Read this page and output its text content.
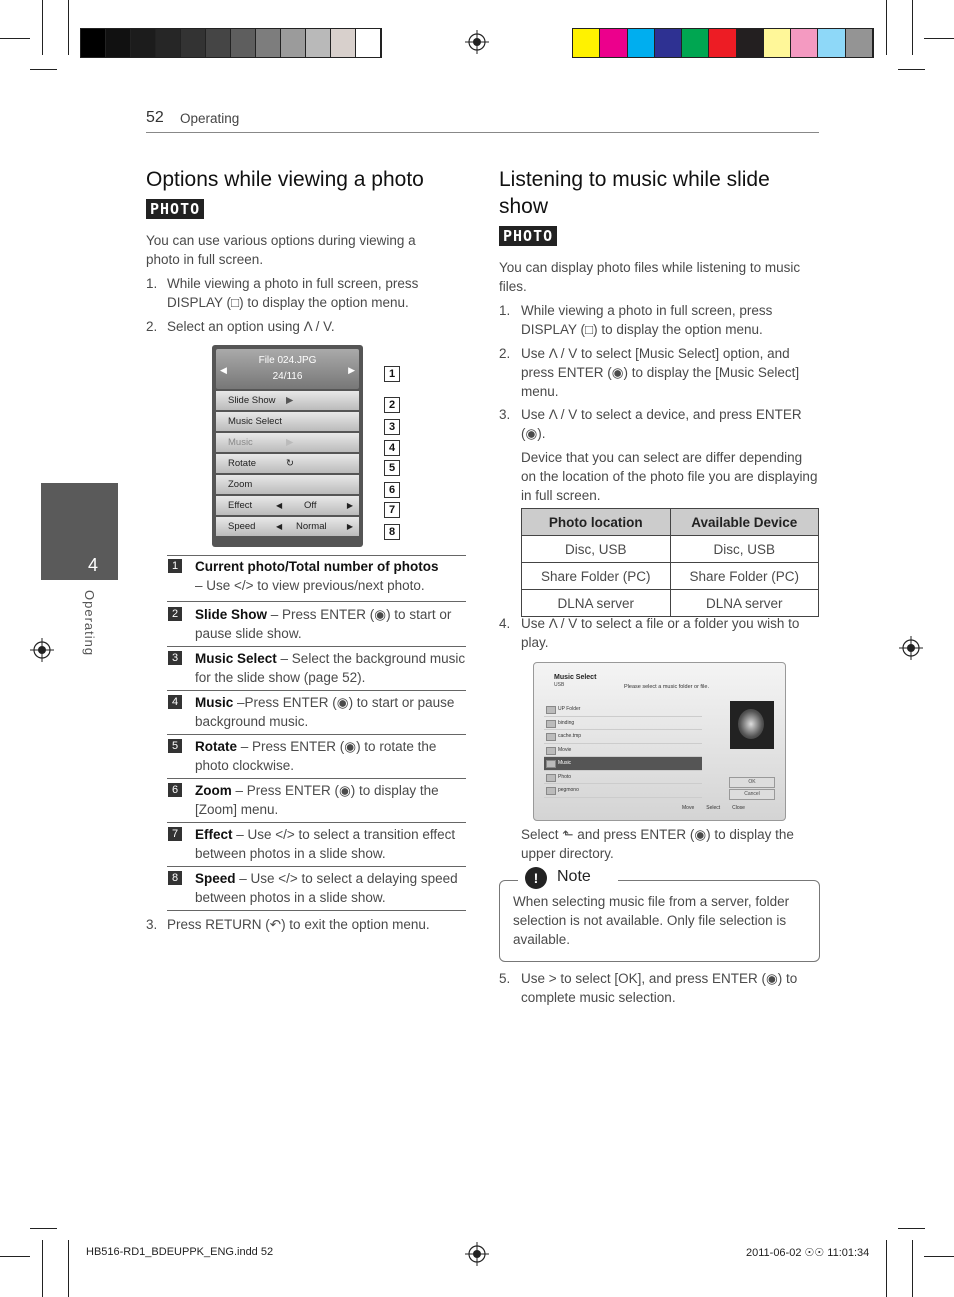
52 Operating
4
Operating
Options while viewing a photo
PHOTO
You can use various options during viewing a photo in full screen.
1. While viewing a photo in full screen, press DISPLAY (□) to display the option menu.
2. Select an option using Λ / V.
◀
File 024.JPG
24/116
▶
Slide Show ▶
Music Select
Music	▶
Rotate	↻
Zoom
Effect	◀ Off	▶
Speed	◀ Normal	▶
1
2
3
4
5
6
7
8
1 Current photo/Total number of photos
– Use </> to view previous/next photo.
2 Slide Show – Press ENTER (◉) to start or pause slide show.
3 Music Select – Select the background music for the slide show (page 52).
4 Music –Press ENTER (◉) to start or pause background music.
5 Rotate – Press ENTER (◉) to rotate the photo clockwise.
6 Zoom – Press ENTER (◉) to display the [Zoom] menu.
7 Effect – Use </> to select a transition effect between photos in a slide show.
8 Speed – Use </> to select a delaying speed between photos in a slide show.
3. Press RETURN (↶) to exit the option menu.
Listening to music while slide
show
PHOTO
You can display photo files while listening to music files.
1. While viewing a photo in full screen, press DISPLAY (□) to display the option menu.
2. Use Λ / V to select [Music Select] option, and press ENTER (◉) to display the [Music Select] menu.
3. Use Λ / V to select a device, and press ENTER (◉).
Device that you can select are differ depending on the location of the photo file you are displaying in full screen.
Photo location	Available Device
Disc, USB	Disc, USB
Share Folder (PC)	Share Folder (PC)
DLNA server	DLNA server
4. Use Λ / V to select a file or a folder you wish to play.
Music Select
USB	Please select a music folder or file.
UP Folder
binding
cache.tmp
Movie
Music
Photo
pegmono
OK
Cancel
Move Select Close
Select ⬑ and press ENTER (◉) to display the upper directory.
!	Note
When selecting music file from a server, folder selection is not available. Only file selection is available.
5. Use > to select [OK], and press ENTER (◉) to complete music selection.
HB516-RD1_BDEUPPK_ENG.indd 52	2011-06-02 ☉☉ 11:01:34
